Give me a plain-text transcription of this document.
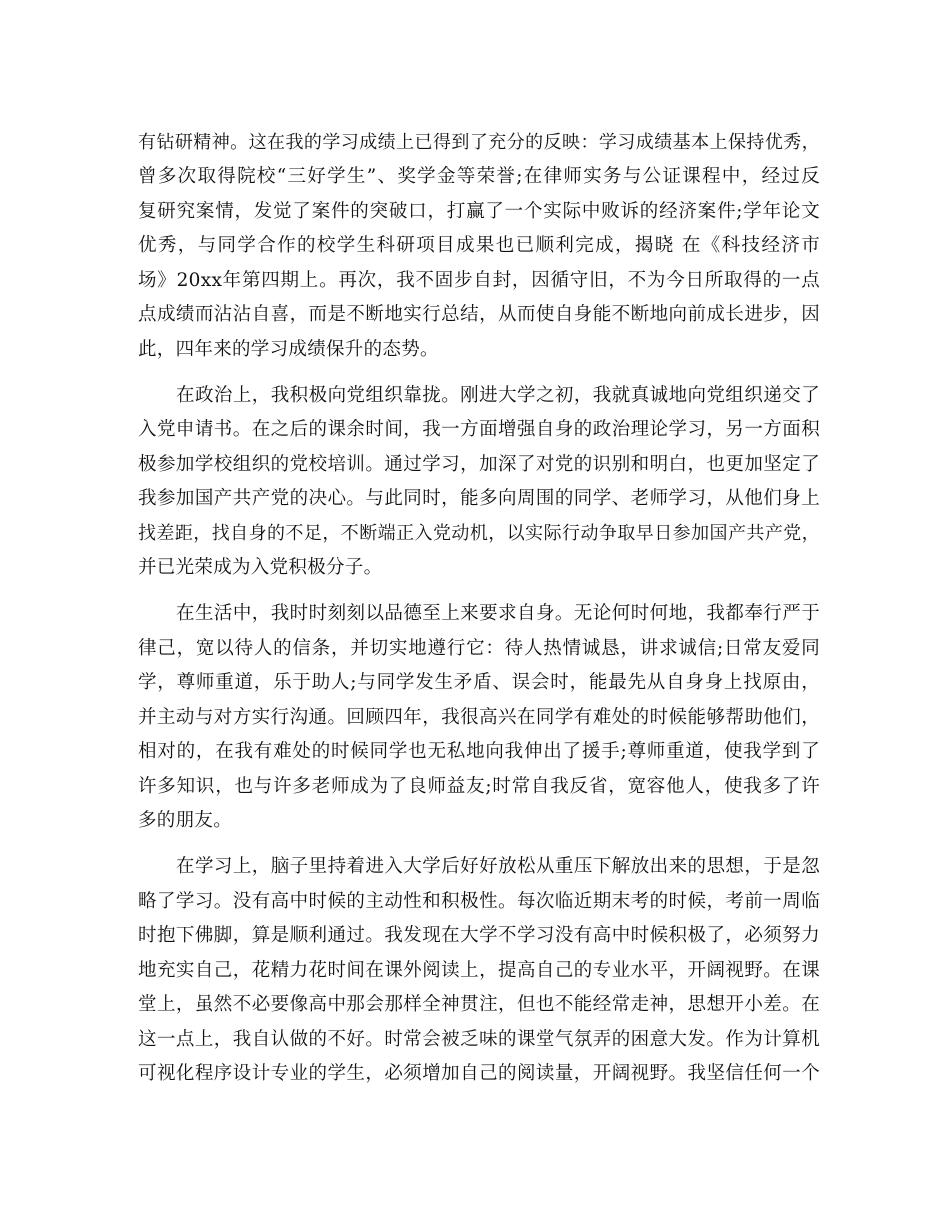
有钻研精神。这在我的学习成绩上已得到了充分的反映：学习成绩基本上保持优秀，
曾多次取得院校“三好学生”、奖学金等荣誉;在律师实务与公证课程中，经过反
复研究案情，发觉了案件的突破口，打赢了一个实际中败诉的经济案件;学年论文
优秀，与同学合作的校学生科研项目成果也已顺利完成，揭晓 在《科技经济市
场》20xx年第四期上。再次，我不固步自封，因循守旧，不为今日所取得的一点
点成绩而沾沾自喜，而是不断地实行总结，从而使自身能不断地向前成长进步，因
此，四年来的学习成绩保升的态势。
在政治上，我积极向党组织靠拢。刚进大学之初，我就真诚地向党组织递交了
入党申请书。在之后的课余时间，我一方面增强自身的政治理论学习，另一方面积
极参加学校组织的党校培训。通过学习，加深了对党的识别和明白，也更加坚定了
我参加国产共产党的决心。与此同时，能多向周围的同学、老师学习，从他们身上
找差距，找自身的不足，不断端正入党动机，以实际行动争取早日参加国产共产党，
并已光荣成为入党积极分子。
在生活中，我时时刻刻以品德至上来要求自身。无论何时何地，我都奉行严于
律己，宽以待人的信条，并切实地遵行它：待人热情诚恳，讲求诚信;日常友爱同
学，尊师重道，乐于助人;与同学发生矛盾、误会时，能最先从自身身上找原由，
并主动与对方实行沟通。回顾四年，我很高兴在同学有难处的时候能够帮助他们，
相对的，在我有难处的时候同学也无私地向我伸出了援手;尊师重道，使我学到了
许多知识，也与许多老师成为了良师益友;时常自我反省，宽容他人，使我多了许
多的朋友。
在学习上，脑子里持着进入大学后好好放松从重压下解放出来的思想，于是忽
略了学习。没有高中时候的主动性和积极性。每次临近期末考的时候，考前一周临
时抱下佛脚，算是顺利通过。我发现在大学不学习没有高中时候积极了，必须努力
地充实自己，花精力花时间在课外阅读上，提高自己的专业水平，开阔视野。在课
堂上，虽然不必要像高中那会那样全神贯注，但也不能经常走神，思想开小差。在
这一点上，我自认做的不好。时常会被乏味的课堂气氛弄的困意大发。作为计算机
可视化程序设计专业的学生，必须增加自己的阅读量，开阔视野。我坚信任何一个
